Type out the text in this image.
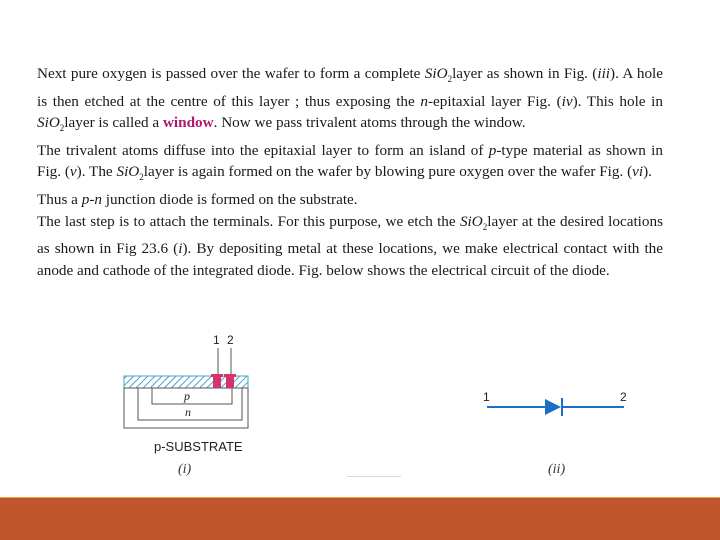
Next pure oxygen is passed over the wafer to form a complete SiO$_2$layer as shown in Fig. (iii). A hole is then etched at the centre of this layer ; thus exposing the n-epitaxial layer Fig. (iv). This hole in SiO$_2$layer is called a window. Now we pass trivalent atoms through the window.

The trivalent atoms diffuse into the epitaxial layer to form an island of p-type material as shown in Fig. (v). The SiO$_2$layer is again formed on the wafer by blowing pure oxygen over the wafer Fig. (vi).

Thus a p-n junction diode is formed on the substrate.

The last step is to attach the terminals. For this purpose, we etch the SiO$_2$layer at the desired locations as shown in Fig 23.6 (i). By depositing metal at these locations, we make electrical contact with the anode and cathode of the integrated diode. Fig. below shows the electrical circuit of the diode.

1 2
p
n
p-SUBSTRATE
(i)
1	2
(ii)
